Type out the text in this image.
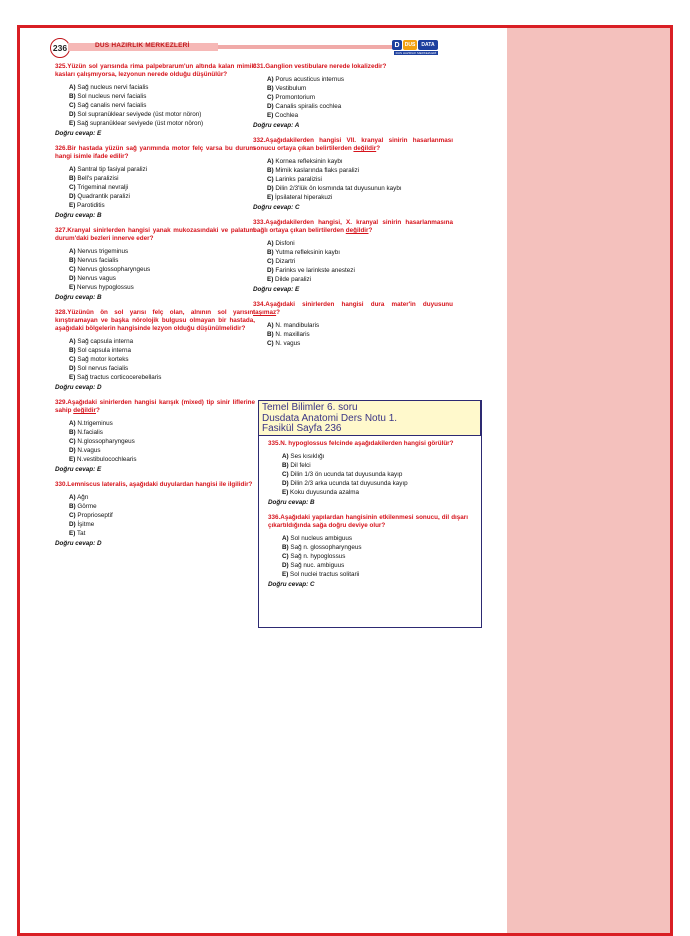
236	DUS HAZIRLIK MERKEZLERİ	D	DUS	DATA
DUS HAZIRLIK MERKEZLERİ
325.Yüzün sol yarısında rima palpebrarum'un altında kalan mimik kasları çalışmıyorsa, lezyonun nerede olduğu düşünülür?
A) Sağ nucleus nervi facialis
B) Sol nucleus nervi facialis
C) Sağ canalis nervi facialis
D) Sol supranüklear seviyede (üst motor nöron)
E) Sağ supranüklear seviyede (üst motor nöron)
Doğru cevap: E
326.Bir hastada yüzün sağ yarımında motor felç varsa bu durum hangi isimle ifade edilir?
A) Santral tip fasiyal paralizi
B) Bell's paralizisi
C) Trigeminal nevralji
D) Quadrantik paralizi
E) Parotiditis
Doğru cevap: B
327.Kranyal sinirlerden hangisi yanak mukozasındaki ve palatum durum'daki bezleri innerve eder?
A) Nervus trigeminus
B) Nervus facialis
C) Nervus glossopharyngeus
D) Nervus vagus
E) Nervus hypoglossus
Doğru cevap: B
328.Yüzünün ön sol yarısı felç olan, alnının sol yarısını kırıştıramayan ve başka nörolojik bulgusu olmayan bir hastada, aşağıdaki bölgelerin hangisinde lezyon olduğu düşünülmelidir?
A) Sağ capsula interna
B) Sol capsula interna
C) Sağ motor korteks
D) Sol nervus facialis
E) Sağ tractus corticocerebellaris
Doğru cevap: D
329.Aşağıdaki sinirlerden hangisi karışık (mixed) tip sinir liflerine sahip değildir?
A) N.trigeminus
B) N.facialis
C) N.glossopharyngeus
D) N.vagus
E) N.vestibulocochlearis
Doğru cevap: E
330.Lemniscus lateralis, aşağıdaki duyulardan hangisi ile ilgilidir?
A) Ağrı
B) Görme
C) Proprioseptif
D) İşitme
E) Tat
Doğru cevap: D
331.Ganglion vestibulare nerede lokalizedir?
A) Porus acusticus internus
B) Vestibulum
C) Promontorium
D) Canalis spiralis cochlea
E) Cochlea
Doğru cevap: A
332.Aşağıdakilerden hangisi VII. kranyal sinirin hasarlanması sonucu ortaya çıkan belirtilerden değildir?
A) Kornea refleksinin kaybı
B) Mimik kaslarında flaks paralizi
C) Larinks paralizisi
D) Dilin 2/3'lük ön kısmında tat duyusunun kaybı
E) İpsilateral hiperakuzi
Doğru cevap: C
333.Aşağıdakilerden hangisi, X. kranyal sinirin hasarlanmasına bağlı ortaya çıkan belirtilerden değildir?
A) Disfoni
B) Yutma refleksinin kaybı
C) Dizartri
D) Farinks ve larinkste anestezi
E) Dilde paralizi
Doğru cevap: E
334.Aşağıdaki sinirlerden hangisi dura mater'in duyusunu taşımaz?
A) N. mandibularis
B) N. maxillaris
C) N. vagus
Temel Bilimler 6. soru
Dusdata Anatomi Ders Notu 1.
Fasikül Sayfa 236
335.N. hypoglossus felcinde aşağıdakilerden hangisi görülür?
A) Ses kısıklığı
B) Dil felci
C) Dilin 1/3 ön ucunda tat duyusunda kayıp
D) Dilin 2/3 arka ucunda tat duyusunda kayıp
E) Koku duyusunda azalma
Doğru cevap: B
336.Aşağıdaki yapılardan hangisinin etkilenmesi sonucu, dil dışarı çıkartıldığında sağa doğru deviye olur?
A) Sol nucleus ambiguus
B) Sağ n. glossopharyngeus
C) Sağ n. hypoglossus
D) Sağ nuc. ambiguus
E) Sol nuclei tractus solitarii
Doğru cevap: C
